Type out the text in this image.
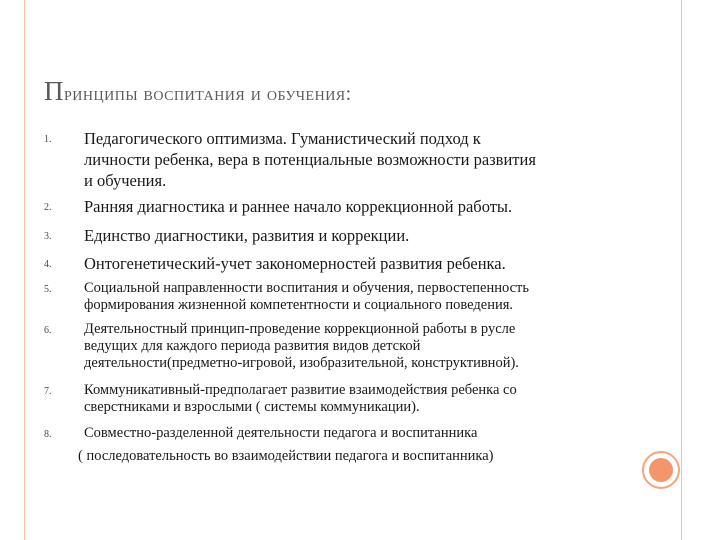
Принципы воспитания и обучения:
1. Педагогического оптимизма. Гуманистический подход к
личности ребенка, вера в потенциальные возможности развития
и обучения.
2. Ранняя диагностика и раннее начало коррекционной работы.
3. Единство диагностики, развития и коррекции.
4. Онтогенетический-учет закономерностей развития ребенка.
5. Социальной направленности воспитания и обучения, первостепенность
формирования жизненной компетентности и социального поведения.
6. Деятельностный принцип-проведение коррекционной работы в русле
ведущих для каждого периода развития видов детской
деятельности(предметно-игровой, изобразительной, конструктивной).
7. Коммуникативный-предполагает развитие взаимодействия ребенка со
сверстниками и взрослыми ( системы коммуникации).
8. Совместно-разделенной деятельности педагога и воспитанника
( последовательность во взаимодействии педагога и воспитанника)
